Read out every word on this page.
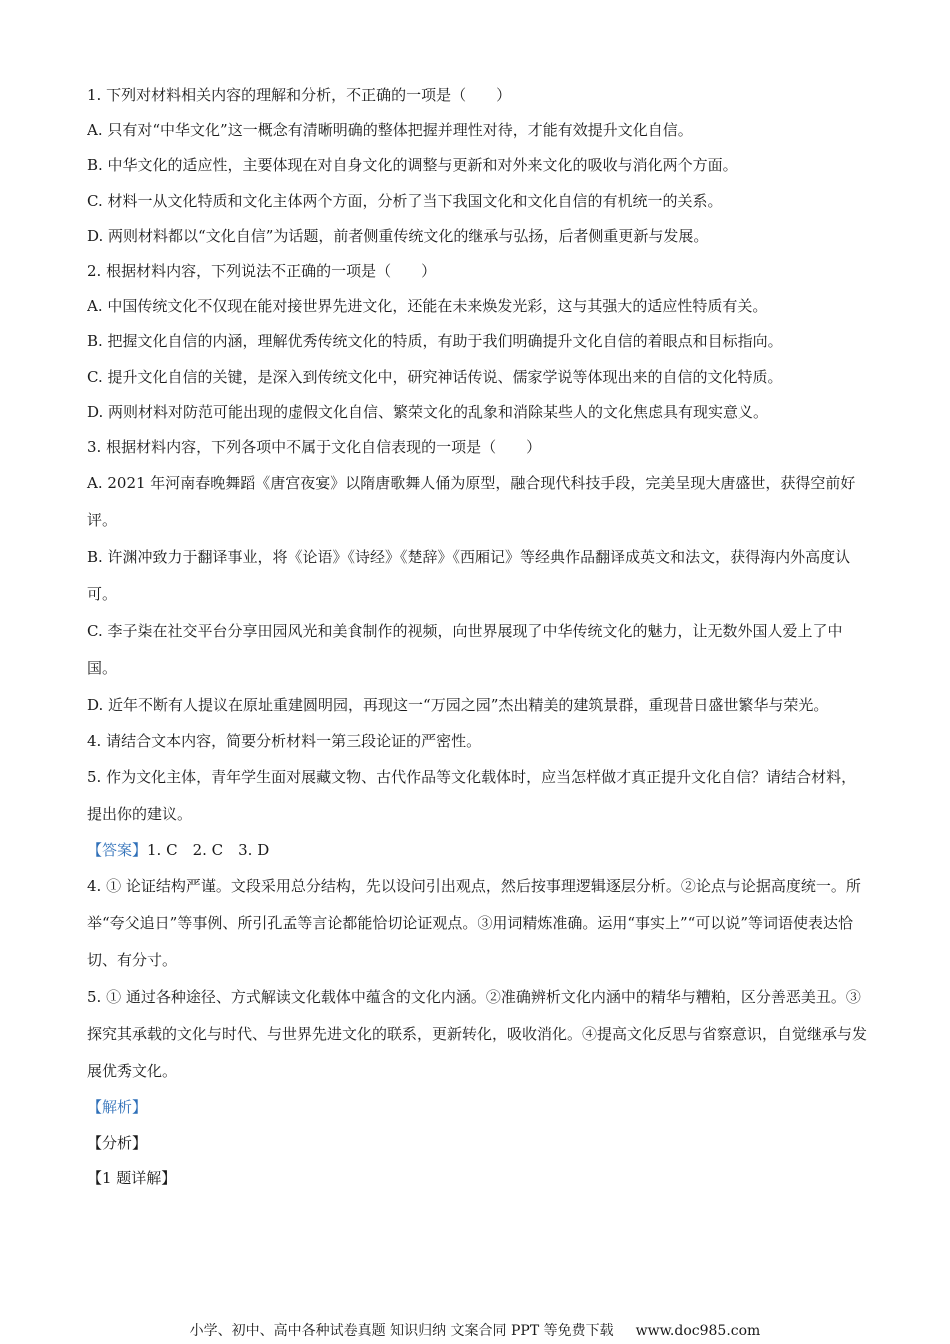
1. 下列对材料相关内容的理解和分析，不正确的一项是（　　）
A. 只有对“中华文化”这一概念有清晰明确的整体把握并理性对待，才能有效提升文化自信。
B. 中华文化的适应性，主要体现在对自身文化的调整与更新和对外来文化的吸收与消化两个方面。
C. 材料一从文化特质和文化主体两个方面，分析了当下我国文化和文化自信的有机统一的关系。
D. 两则材料都以“文化自信”为话题，前者侧重传统文化的继承与弘扬，后者侧重更新与发展。
2. 根据材料内容，下列说法不正确的一项是（　　）
A. 中国传统文化不仅现在能对接世界先进文化，还能在未来焕发光彩，这与其强大的适应性特质有关。
B. 把握文化自信的内涵，理解优秀传统文化的特质，有助于我们明确提升文化自信的着眼点和目标指向。
C. 提升文化自信的关键，是深入到传统文化中，研究神话传说、儒家学说等体现出来的自信的文化特质。
D. 两则材料对防范可能出现的虚假文化自信、繁荣文化的乱象和消除某些人的文化焦虑具有现实意义。
3. 根据材料内容，下列各项中不属于文化自信表现的一项是（　　）
A. 2021 年河南春晚舞蹈《唐宫夜宴》以隋唐歌舞人俑为原型，融合现代科技手段，完美呈现大唐盛世，获得空前好评。
B. 许渊冲致力于翻译事业，将《论语》《诗经》《楚辞》《西厢记》等经典作品翻译成英文和法文，获得海内外高度认可。
C. 李子柒在社交平台分享田园风光和美食制作的视频，向世界展现了中华传统文化的魅力，让无数外国人爱上了中国。
D. 近年不断有人提议在原址重建圆明园，再现这一“万园之园”杰出精美的建筑景群，重现昔日盛世繁华与荣光。
4. 请结合文本内容，简要分析材料一第三段论证的严密性。
5. 作为文化主体，青年学生面对展藏文物、古代作品等文化载体时，应当怎样做才真正提升文化自信？请结合材料，提出你的建议。
【答案】1. C　2. C　3. D
4. ① 论证结构严谨。文段采用总分结构，先以设问引出观点，然后按事理逻辑逐层分析。②论点与论据高度统一。所举“夸父追日”等事例、所引孔孟等言论都能恰切论证观点。③用词精炼准确。运用“事实上”“可以说”等词语使表达恰切、有分寸。
5. ① 通过各种途径、方式解读文化载体中蕴含的文化内涵。②准确辨析文化内涵中的精华与糟粕，区分善恶美丑。③探究其承载的文化与时代、与世界先进文化的联系，更新转化，吸收消化。④提高文化反思与省察意识，自觉继承与发展优秀文化。
【解析】
【分析】
【1 题详解】
小学、初中、高中各种试卷真题 知识归纳 文案合同 PPT 等免费下载 www.doc985.com
